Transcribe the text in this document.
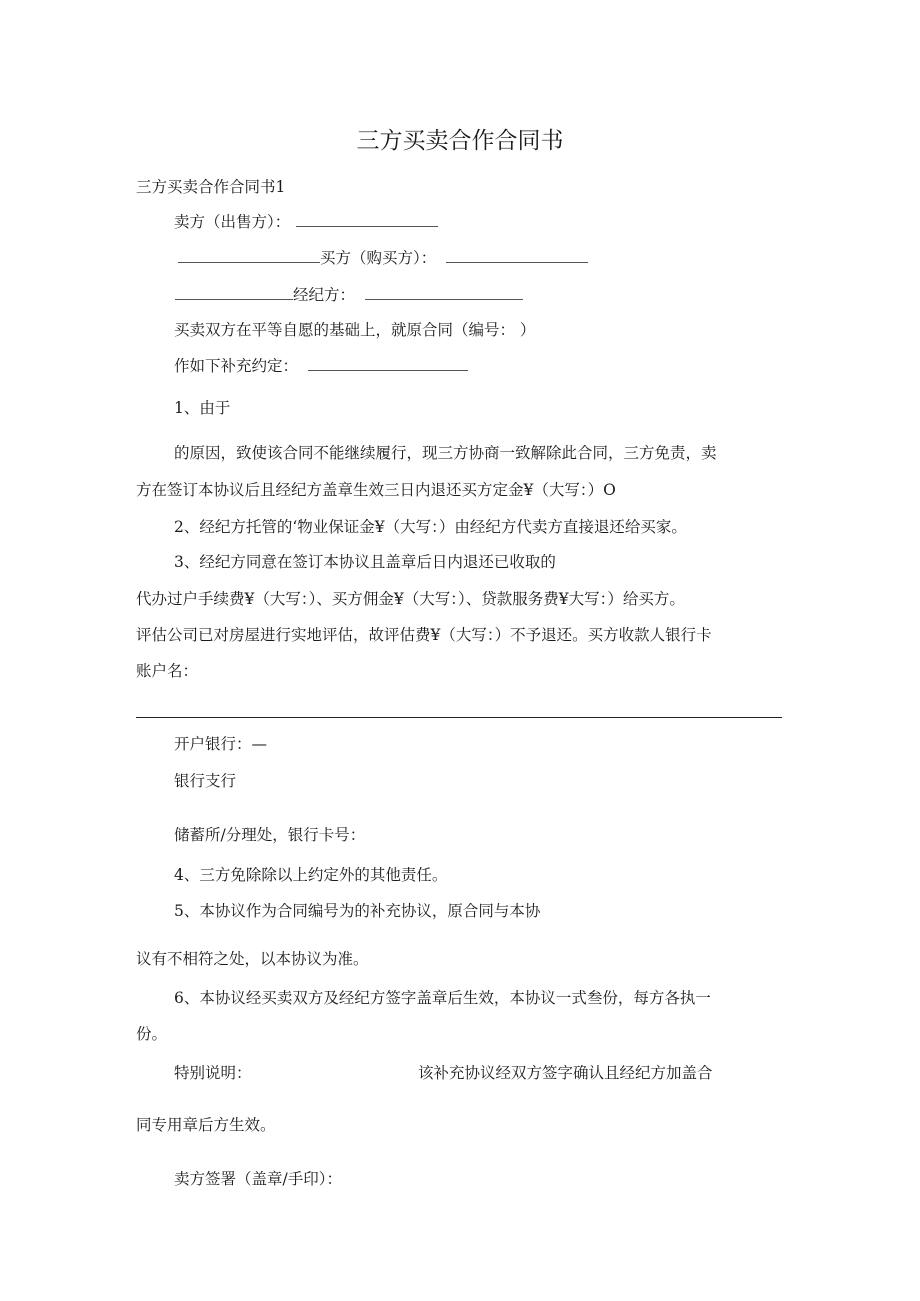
三方买卖合作合同书
三方买卖合作合同书1
卖方（出售方）：
买方（购买方）：
经纪方：
买卖双方在平等自愿的基础上，就原合同（编号： ）
作如下补充约定：
1、由于
的原因，致使该合同不能继续履行，现三方协商一致解除此合同，三方免责，卖
方在签订本协议后且经纪方盖章生效三日内退还买方定金¥（大写：）O
2、经纪方托管的‘物业保证金¥（大写：）由经纪方代卖方直接退还给买家。
3、经纪方同意在签订本协议且盖章后日内退还已收取的
代办过户手续费¥（大写：）、买方佣金¥（大写：）、贷款服务费¥大写：）给买方。
评估公司已对房屋进行实地评估，故评估费¥（大写：）不予退还。买方收款人银行卡
账户名：
开户银行：—
银行支行
储蓄所/分理处，银行卡号：
4、三方免除除以上约定外的其他责任。
5、本协议作为合同编号为的补充协议，原合同与本协
议有不相符之处，以本协议为准。
6、本协议经买卖双方及经纪方签字盖章后生效，本协议一式叁份，每方各执一
份。
特别说明：	该补充协议经双方签字确认且经纪方加盖合
同专用章后方生效。
卖方签署（盖章/手印）：
